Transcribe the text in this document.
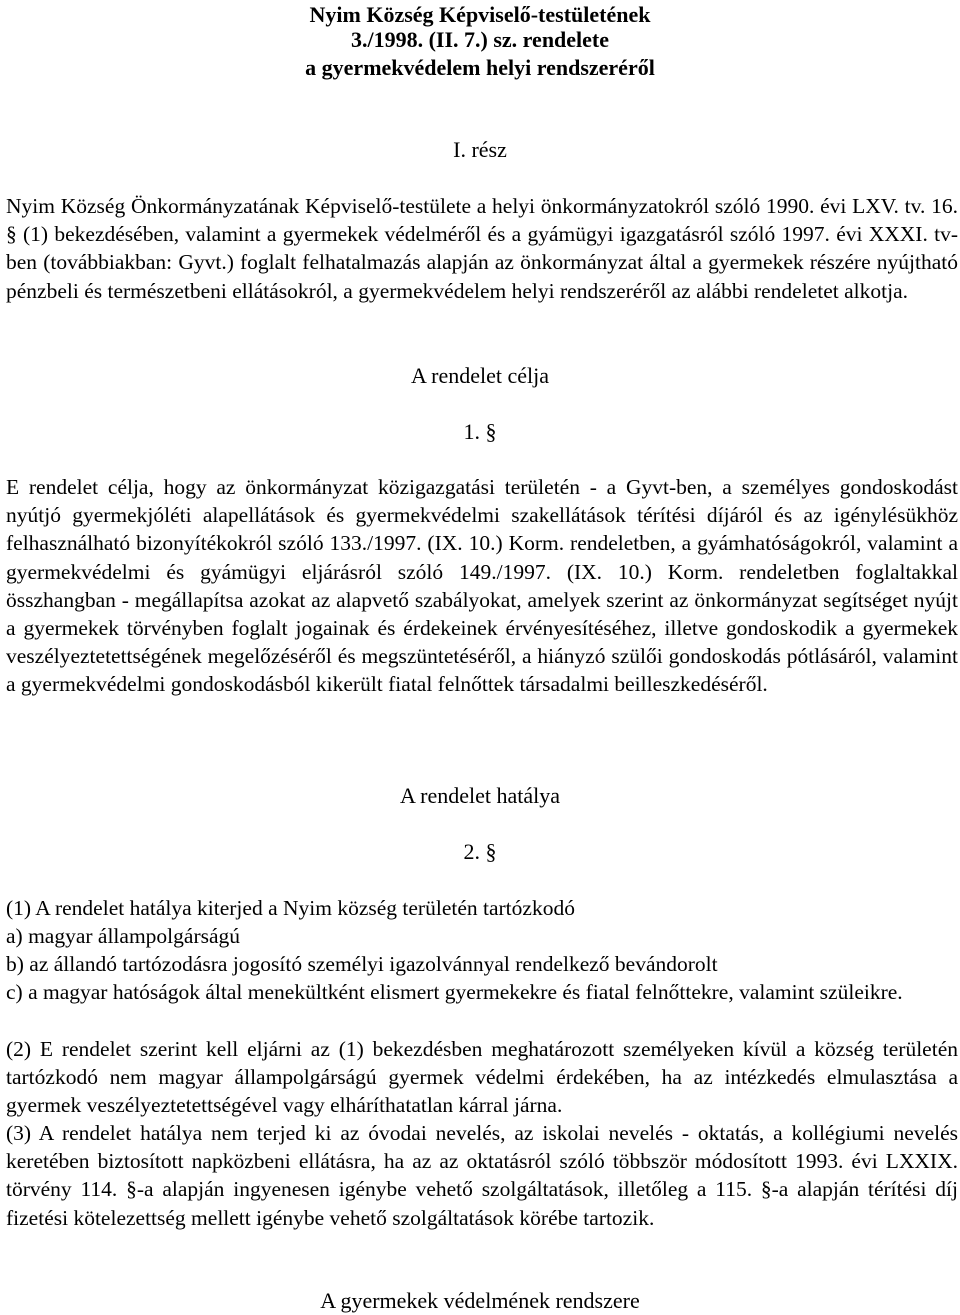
Nyim Község Képviselő-testületének
3./1998. (II. 7.) sz. rendelete
a gyermekvédelem helyi rendszeréről
I. rész

Nyim Község Önkormányzatának Képviselő-testülete a helyi önkormányzatokról szóló 1990. évi LXV. tv. 16. § (1) bekezdésében, valamint a gyermekek védelméről és a gyámügyi igazgatásról szóló 1997. évi XXXI. tv-ben (továbbiakban: Gyvt.) foglalt felhatalmazás alapján az önkormányzat által a gyermekek részére nyújtható pénzbeli és természetbeni ellátásokról, a gyermekvédelem helyi rendszeréről az alábbi rendeletet alkotja.

A rendelet célja
1. §

E rendelet célja, hogy az önkormányzat közigazgatási területén - a Gyvt-ben, a személyes gondoskodást nyútjó gyermekjóléti alapellátások és gyermekvédelmi szakellátások térítési díjáról és az igénylésükhöz felhasználható bizonyítékokról szóló 133./1997. (IX. 10.) Korm. rendeletben, a gyámhatóságokról, valamint a gyermekvédelmi és gyámügyi eljárásról szóló 149./1997. (IX. 10.) Korm. rendeletben foglaltakkal összhangban - megállapítsa azokat az alapvető szabályokat, amelyek szerint az önkormányzat segítséget nyújt a gyermekek törvényben foglalt jogainak és érdekeinek érvényesítéséhez, illetve gondoskodik a gyermekek veszélyeztetettségének megelőzéséről és megszüntetéséről, a hiányzó szülői gondoskodás pótlásáról, valamint a gyermekvédelmi gondoskodásból kikerült fiatal felnőttek társadalmi beilleszkedéséről.

A rendelet hatálya
2. §

(1) A rendelet hatálya kiterjed a Nyim község területén tartózkodó

a) magyar állampolgárságú

b) az állandó tartózodásra jogosító személyi igazolvánnyal rendelkező bevándorolt

c) a magyar hatóságok által menekültként elismert gyermekekre és fiatal felnőttekre, valamint szüleikre.

(2) E rendelet szerint kell eljárni az (1) bekezdésben meghatározott személyeken kívül a község területén tartózkodó nem magyar állampolgárságú gyermek védelmi érdekében, ha az intézkedés elmulasztása a gyermek veszélyeztetettségével vagy elháríthatatlan kárral járna.

(3) A rendelet hatálya nem terjed ki az óvodai nevelés, az iskolai nevelés - oktatás, a kollégiumi nevelés keretében biztosított napközbeni ellátásra, ha az az oktatásról szóló többször módosított 1993. évi LXXIX. törvény 114. §-a alapján ingyenesen igénybe vehető szolgáltatások, illetőleg a 115. §-a alapján térítési díj fizetési kötelezettség mellett igénybe vehető szolgáltatások körébe tartozik.

A gyermekek védelmének rendszere
